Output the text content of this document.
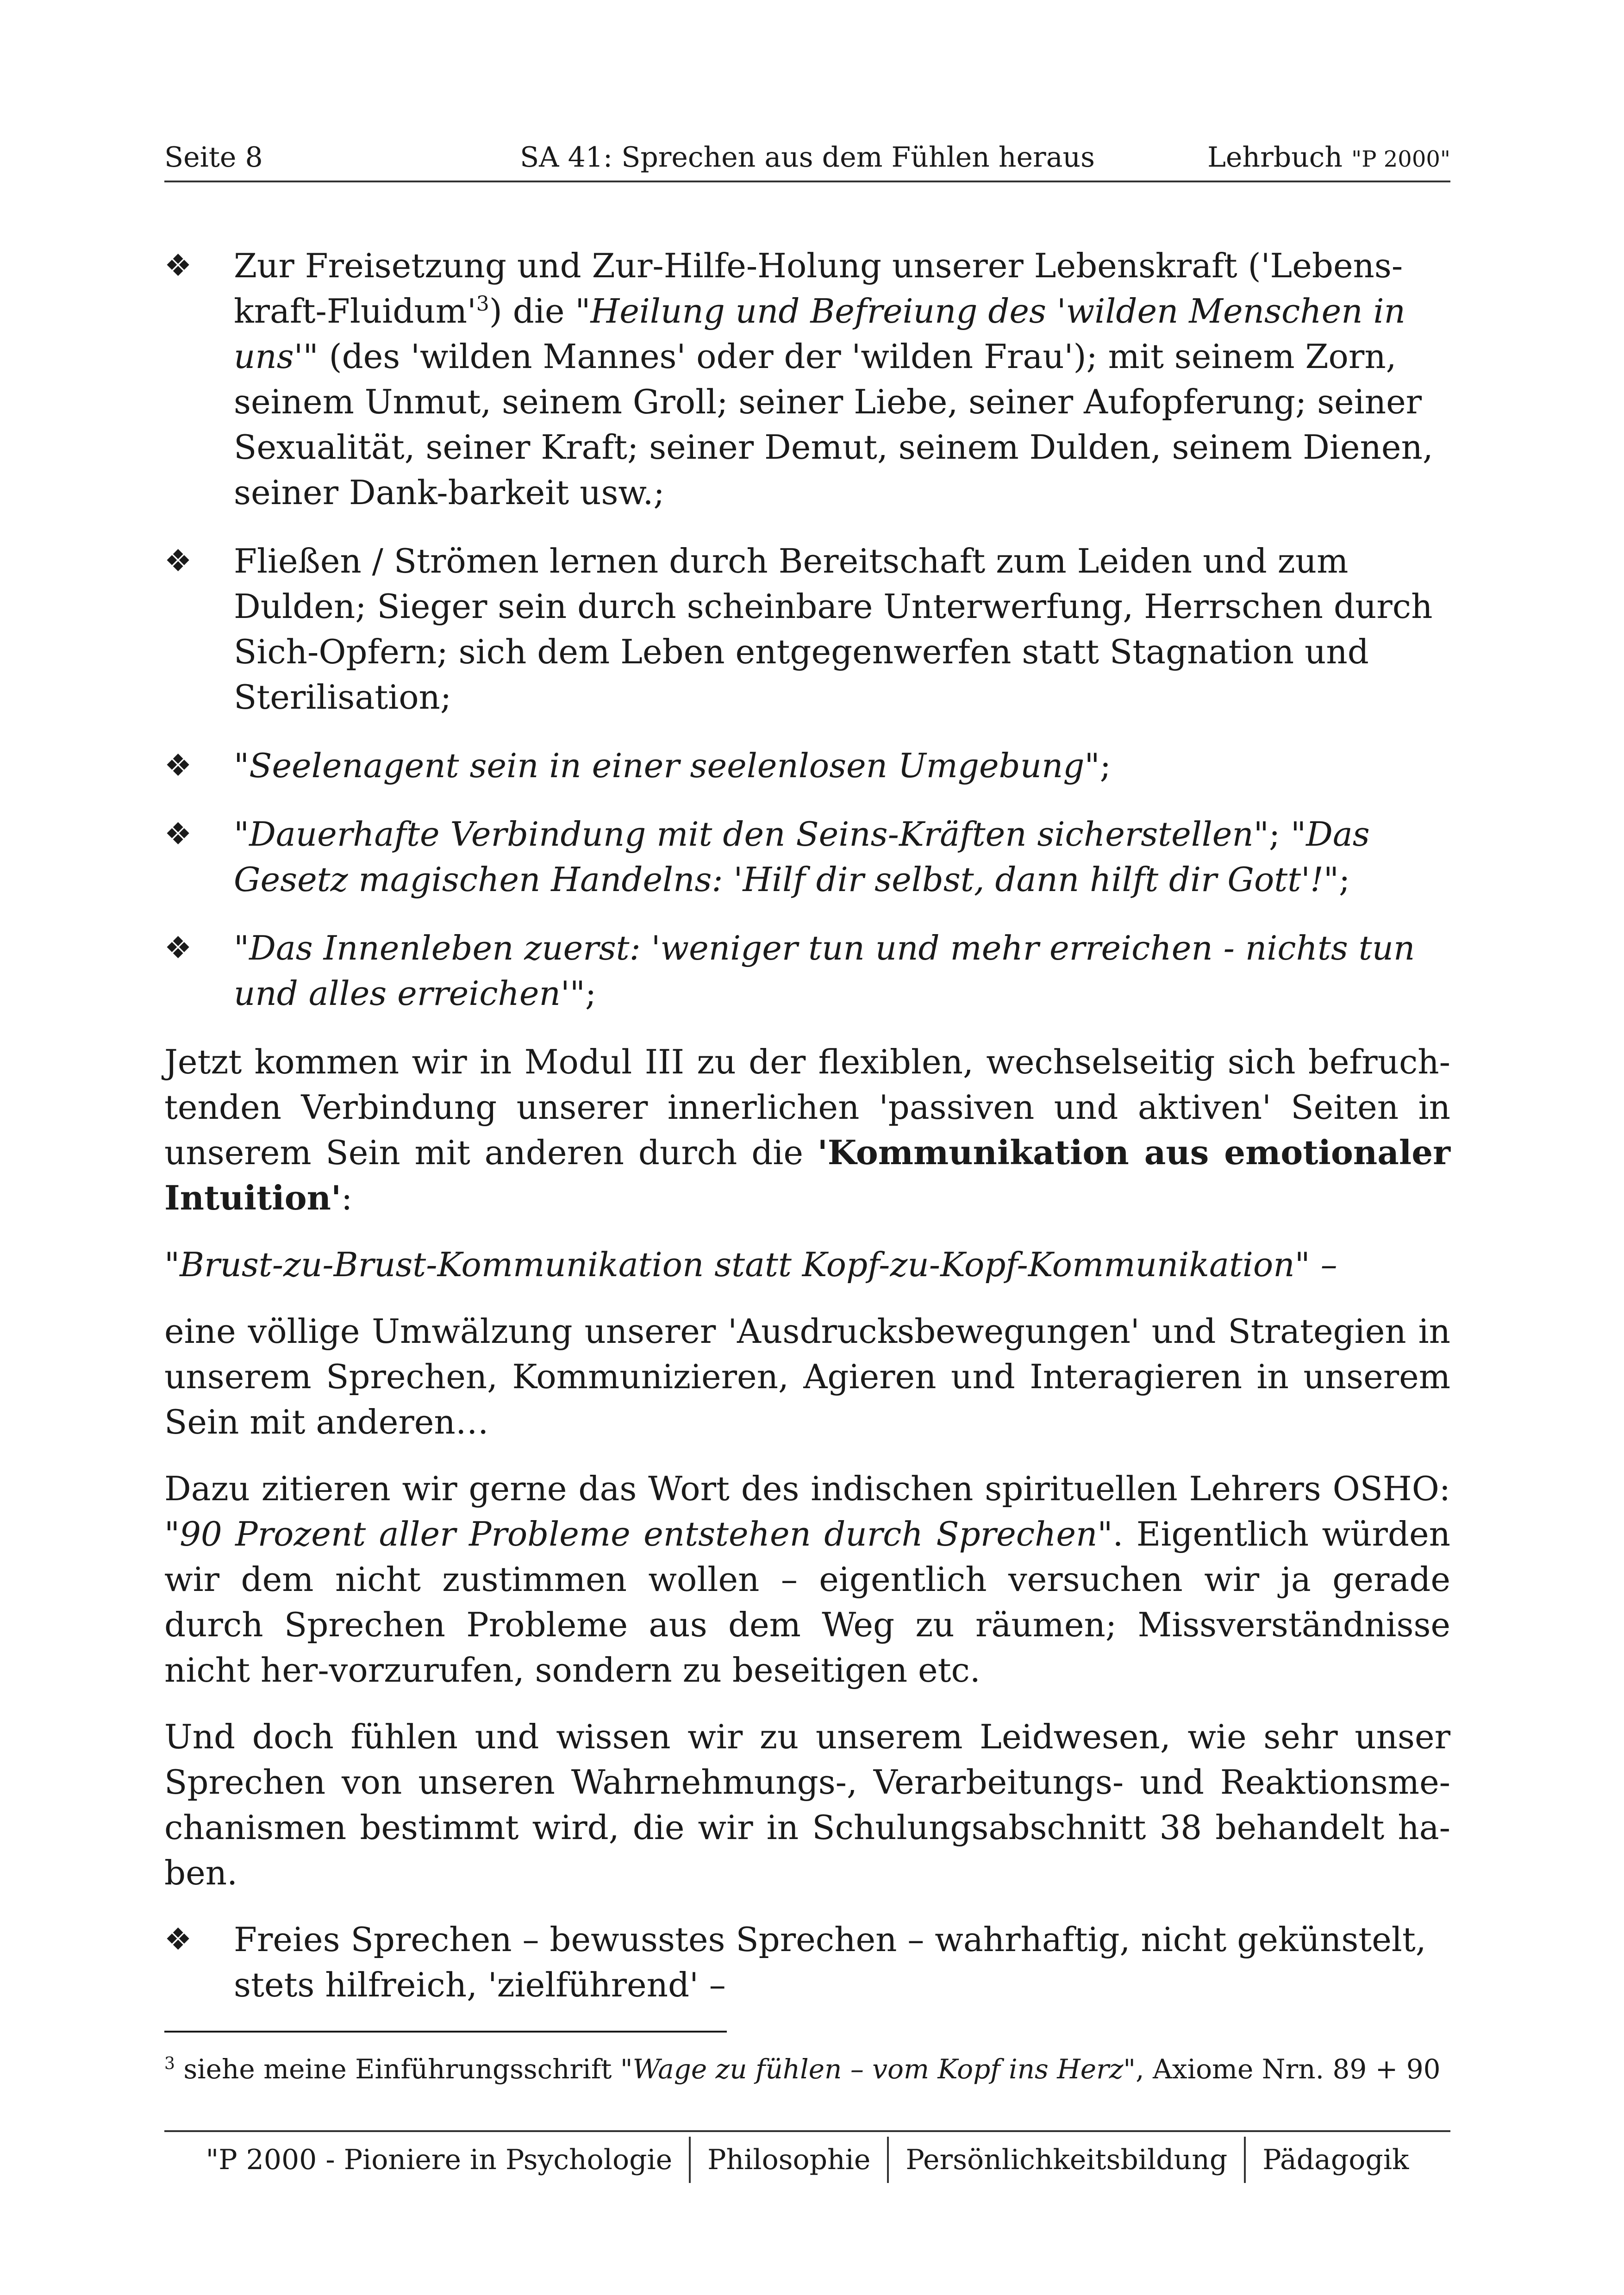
Seite 8	SA 41: Sprechen aus dem Fühlen heraus	Lehrbuch "P 2000"
❖	Zur Freisetzung und Zur-Hilfe-Holung unserer Lebenskraft $('Lebens-kraft-Fluidum'^3)$ die "Heilung und Befreiung des 'wilden Menschen in uns'" (des 'wilden Mannes' oder der 'wilden Frau'); mit seinem Zorn, seinem Unmut, seinem Groll; seiner Liebe, seiner Aufopferung; seiner Sexualität, seiner Kraft; seiner Demut, seinem Dulden, seinem Dienen, seiner Dank-barkeit usw.;
❖	Fließen / Strömen lernen durch Bereitschaft zum Leiden und zum Dulden; Sieger sein durch scheinbare Unterwerfung, Herrschen durch Sich-Opfern; sich dem Leben entgegenwerfen statt Stagnation und Sterilisation;
❖	"Seelenagent sein in einer seelenlosen Umgebung";
❖	"Dauerhafte Verbindung mit den Seins-Kräften sicherstellen"; "Das Gesetz magischen Handelns: 'Hilf dir selbst, dann hilft dir Gott'!";
❖	"Das Innenleben zuerst: 'weniger tun und mehr erreichen - nichts tun und alles erreichen'";

Jetzt kommen wir in Modul III zu der flexiblen, wechselseitig sich befruch-tenden Verbindung unserer innerlichen 'passiven und aktiven' Seiten in unserem Sein mit anderen durch die 'Kommunikation aus emotionaler Intuition':

"Brust-zu-Brust-Kommunikation statt Kopf-zu-Kopf-Kommunikation" –

eine völlige Umwälzung unserer 'Ausdrucksbewegungen' und Strategien in unserem Sprechen, Kommunizieren, Agieren und Interagieren in unserem Sein mit anderen…

Dazu zitieren wir gerne das Wort des indischen spirituellen Lehrers OSHO: "90 Prozent aller Probleme entstehen durch Sprechen". Eigentlich würden wir dem nicht zustimmen wollen – eigentlich versuchen wir ja gerade durch Sprechen Probleme aus dem Weg zu räumen; Missverständnisse nicht her-vorzurufen, sondern zu beseitigen etc.

Und doch fühlen und wissen wir zu unserem Leidwesen, wie sehr unser Sprechen von unseren Wahrnehmungs-, Verarbeitungs- und Reaktionsme-chanismen bestimmt wird, die wir in Schulungsabschnitt 38 behandelt ha-ben.

❖	Freies Sprechen – bewusstes Sprechen – wahrhaftig, nicht gekünstelt, stets hilfreich, 'zielführend' –
$^3$ siehe meine Einführungsschrift "Wage zu fühlen – vom Kopf ins Herz", Axiome Nrn. 89 + 90
"P 2000 - Pioniere in Psychologie	Philosophie	Persönlichkeitsbildung	Pädagogik
